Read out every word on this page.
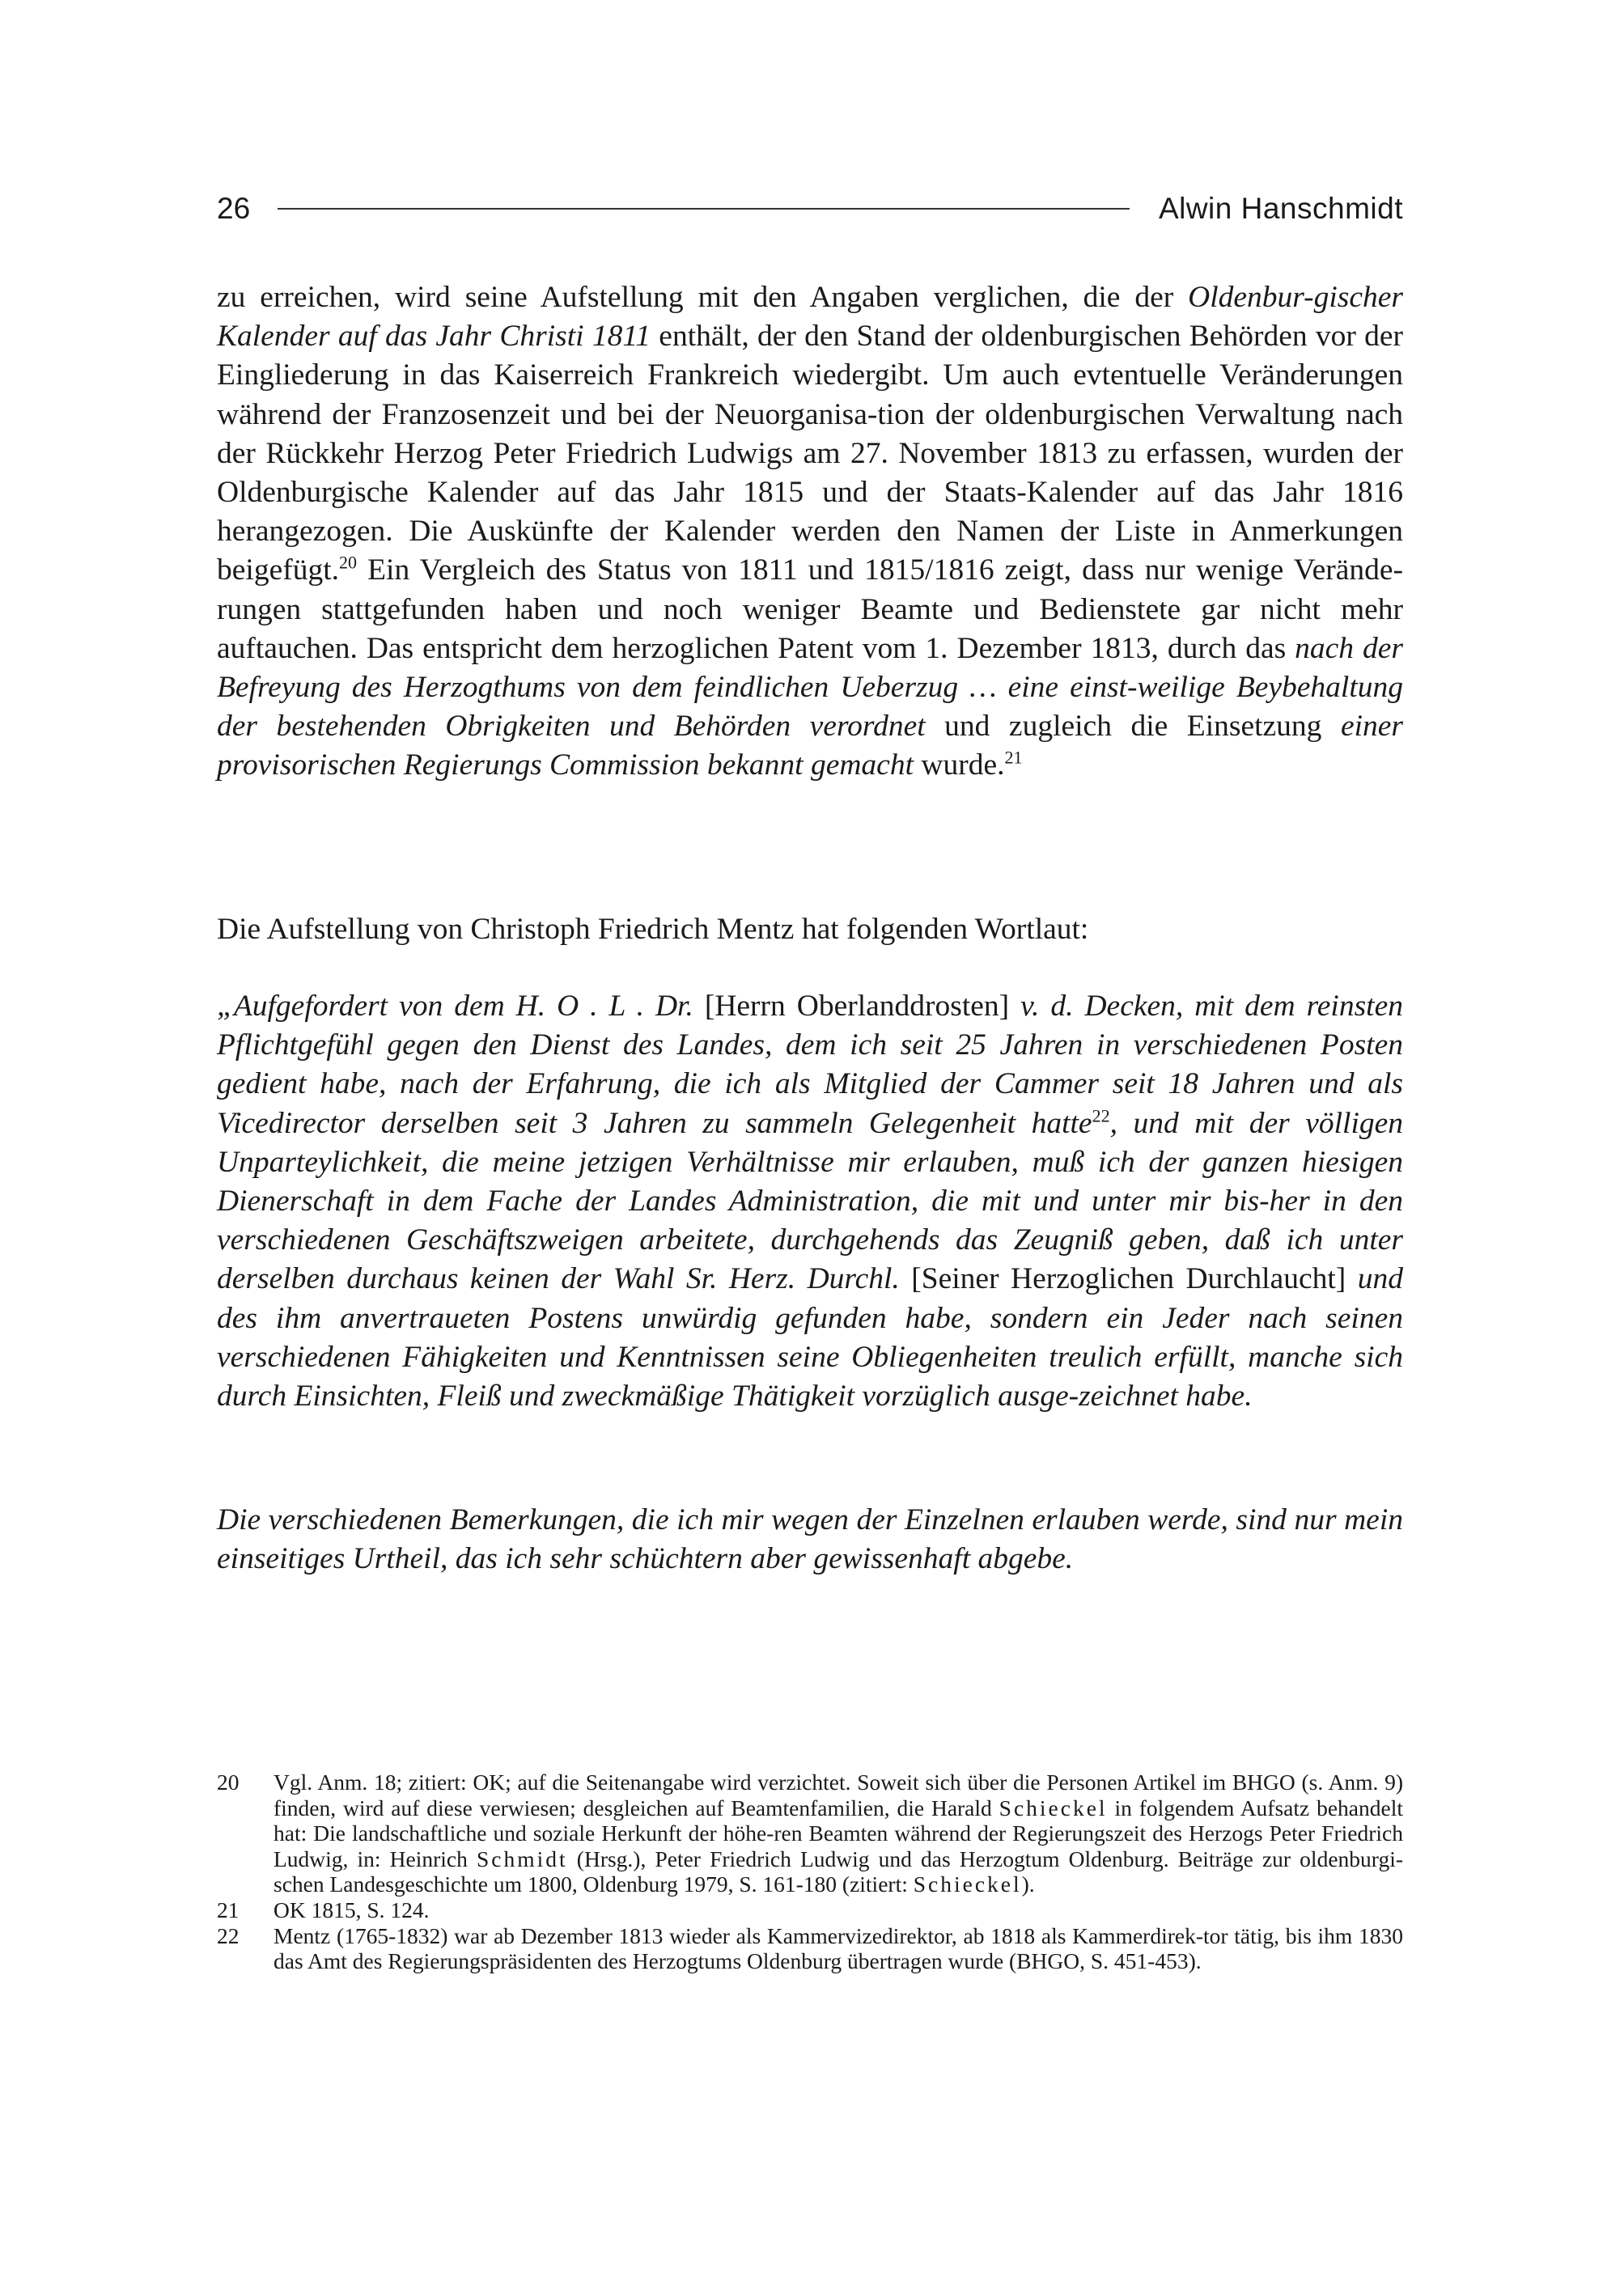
26	Alwin Hanschmidt

zu erreichen, wird seine Aufstellung mit den Angaben verglichen, die der Oldenbur-gischer Kalender auf das Jahr Christi 1811 enthält, der den Stand der oldenburgischen Behörden vor der Eingliederung in das Kaiserreich Frankreich wiedergibt. Um auch evtentuelle Veränderungen während der Franzosenzeit und bei der Neuorganisa-tion der oldenburgischen Verwaltung nach der Rückkehr Herzog Peter Friedrich Ludwigs am 27. November 1813 zu erfassen, wurden der Oldenburgische Kalender auf das Jahr 1815 und der Staats-Kalender auf das Jahr 1816 herangezogen. Die Auskünfte der Kalender werden den Namen der Liste in Anmerkungen beigefügt.$^{20}$ Ein Vergleich des Status von 1811 und 1815/1816 zeigt, dass nur wenige Verände-rungen stattgefunden haben und noch weniger Beamte und Bedienstete gar nicht mehr auftauchen. Das entspricht dem herzoglichen Patent vom 1. Dezember 1813, durch das nach der Befreyung des Herzogthums von dem feindlichen Ueberzug … eine einst-weilige Beybehaltung der bestehenden Obrigkeiten und Behörden verordnet und zugleich die Einsetzung einer provisorischen Regierungs Commission bekannt gemacht wurde.$^{21}$

Die Aufstellung von Christoph Friedrich Mentz hat folgenden Wortlaut:

„Aufgefordert von dem H. O . L . Dr. [Herrn Oberlanddrosten] v. d. Decken, mit dem reinsten Pflichtgefühl gegen den Dienst des Landes, dem ich seit 25 Jahren in verschiedenen Posten gedient habe, nach der Erfahrung, die ich als Mitglied der Cammer seit 18 Jahren und als Vicedirector derselben seit 3 Jahren zu sammeln Gelegenheit hatte$^{22}$, und mit der völligen Unparteylichkeit, die meine jetzigen Verhältnisse mir erlauben, muß ich der ganzen hiesigen Dienerschaft in dem Fache der Landes Administration, die mit und unter mir bis-her in den verschiedenen Geschäftszweigen arbeitete, durchgehends das Zeugniß geben, daß ich unter derselben durchaus keinen der Wahl Sr. Herz. Durchl. [Seiner Herzoglichen Durchlaucht] und des ihm anvertraueten Postens unwürdig gefunden habe, sondern ein Jeder nach seinen verschiedenen Fähigkeiten und Kenntnissen seine Obliegenheiten treulich erfüllt, manche sich durch Einsichten, Fleiß und zweckmäßige Thätigkeit vorzüglich ausge-zeichnet habe.

Die verschiedenen Bemerkungen, die ich mir wegen der Einzelnen erlauben werde, sind nur mein einseitiges Urtheil, das ich sehr schüchtern aber gewissenhaft abgebe.

20	Vgl. Anm. 18; zitiert: OK; auf die Seitenangabe wird verzichtet. Soweit sich über die Personen Artikel im BHGO (s. Anm. 9) finden, wird auf diese verwiesen; desgleichen auf Beamtenfamilien, die Harald Schieckel in folgendem Aufsatz behandelt hat: Die landschaftliche und soziale Herkunft der höhe-ren Beamten während der Regierungszeit des Herzogs Peter Friedrich Ludwig, in: Heinrich Schmidt (Hrsg.), Peter Friedrich Ludwig und das Herzogtum Oldenburg. Beiträge zur oldenburgi-schen Landesgeschichte um 1800, Oldenburg 1979, S. 161-180 (zitiert: Schieckel).
21	OK 1815, S. 124.
22	Mentz (1765-1832) war ab Dezember 1813 wieder als Kammervizedirektor, ab 1818 als Kammerdirek-tor tätig, bis ihm 1830 das Amt des Regierungspräsidenten des Herzogtums Oldenburg übertragen wurde (BHGO, S. 451-453).
